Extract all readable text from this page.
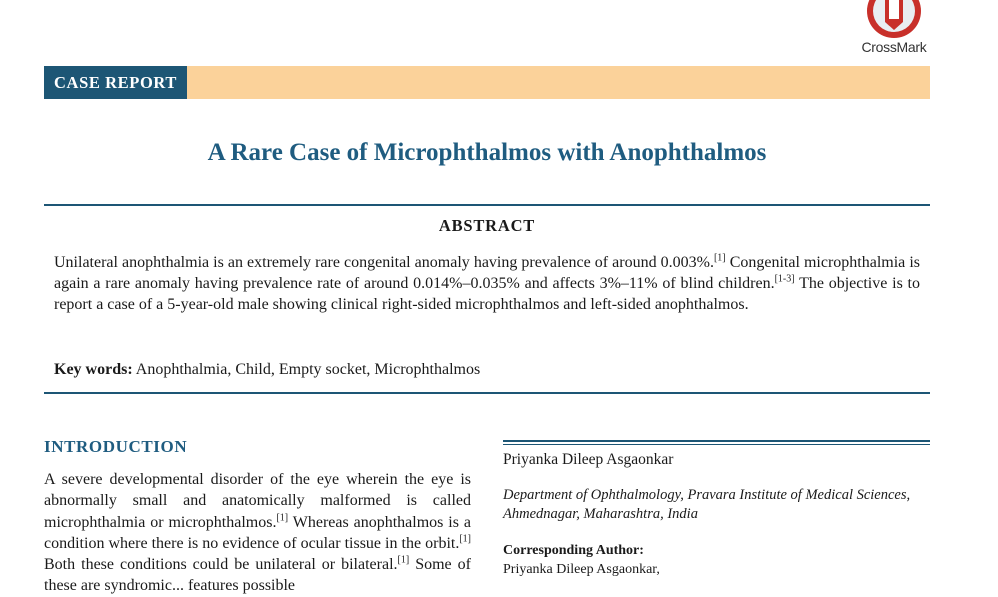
CrossMark
CASE REPORT
A Rare Case of Microphthalmos with Anophthalmos
ABSTRACT
Unilateral anophthalmia is an extremely rare congenital anomaly having prevalence of around 0.003%.[1] Congenital microphthalmia is again a rare anomaly having prevalence rate of around 0.014%–0.035% and affects 3%–11% of blind children.[1-3] The objective is to report a case of a 5-year-old male showing clinical right-sided microphthalmos and left-sided anophthalmos.
Key words: Anophthalmia, Child, Empty socket, Microphthalmos
INTRODUCTION
A severe developmental disorder of the eye wherein the eye is abnormally small and anatomically malformed is called microphthalmia or microphthalmos.[1] Whereas anophthalmos is a condition where there is no evidence of ocular tissue in the orbit.[1] Both these conditions could be unilateral or bilateral.[1] Some of these are syndromic... features possible
Priyanka Dileep Asgaonkar
Department of Ophthalmology, Pravara Institute of Medical Sciences, Ahmednagar, Maharashtra, India
Corresponding Author:
Priyanka Dileep Asgaonkar,
